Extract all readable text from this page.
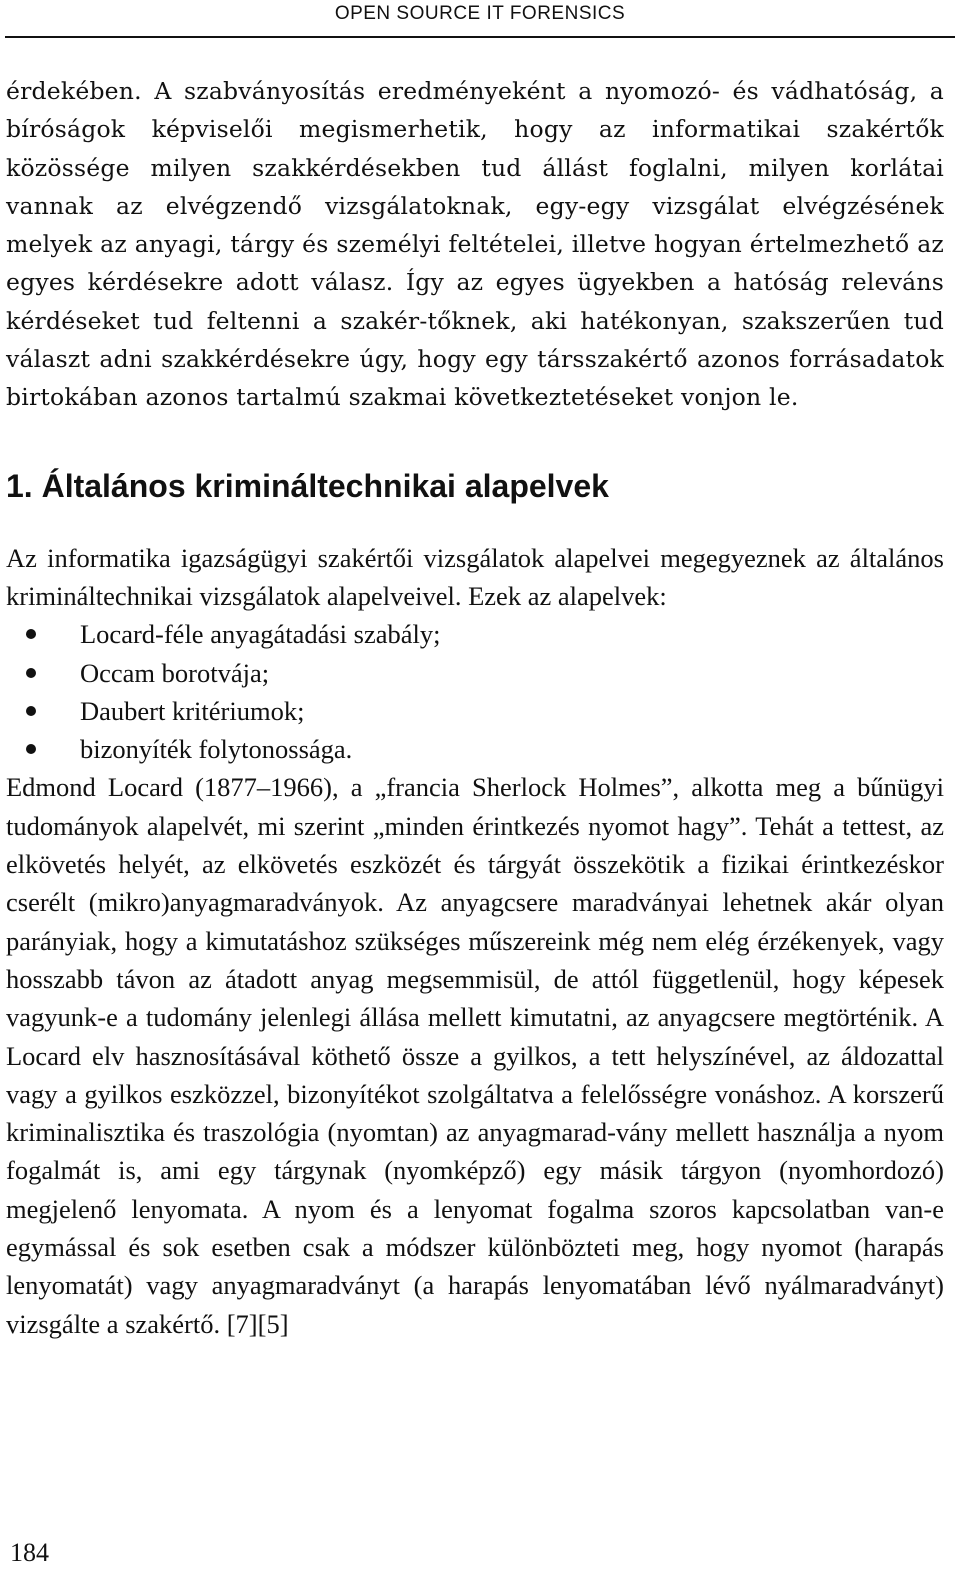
OPEN SOURCE IT FORENSICS

érdekében. A szabványosítás eredményeként a nyomozó- és vádhatóság, a bíróságok képviselői megismerhetik, hogy az informatikai szakértők közössége milyen szakkérdésekben tud állást foglalni, milyen korlátai vannak az elvégzendő vizsgálatoknak, egy-egy vizsgálat elvégzésének melyek az anyagi, tárgy és személyi feltételei, illetve hogyan értelmezhető az egyes kérdésekre adott válasz. Így az egyes ügyekben a hatóság releváns kérdéseket tud feltenni a szakér-tőknek, aki hatékonyan, szakszerűen tud választ adni szakkérdésekre úgy, hogy egy társszakértő azonos forrásadatok birtokában azonos tartalmú szakmai következtetéseket vonjon le.

1. Általános krimináltechnikai alapelvek

Az informatika igazságügyi szakértői vizsgálatok alapelvei megegyeznek az általános krimináltechnikai vizsgálatok alapelveivel. Ezek az alapelvek:

Locard-féle anyagátadási szabály;
Occam borotvája;
Daubert kritériumok;
bizonyíték folytonossága.

Edmond Locard (1877–1966), a „francia Sherlock Holmes”, alkotta meg a bűnügyi tudományok alapelvét, mi szerint „minden érintkezés nyomot hagy”. Tehát a tettest, az elkövetés helyét, az elkövetés eszközét és tárgyát összekötik a fizikai érintkezéskor cserélt (mikro)anyagmaradványok. Az anyagcsere maradványai lehetnek akár olyan parányiak, hogy a kimutatáshoz szükséges műszereink még nem elég érzékenyek, vagy hosszabb távon az átadott anyag megsemmisül, de attól függetlenül, hogy képesek vagyunk-e a tudomány jelenlegi állása mellett kimutatni, az anyagcsere megtörténik. A Locard elv hasznosításával köthető össze a gyilkos, a tett helyszínével, az áldozattal vagy a gyilkos eszközzel, bizonyítékot szolgáltatva a felelősségre vonáshoz. A korszerű kriminalisztika és traszológia (nyomtan) az anyagmarad-vány mellett használja a nyom fogalmát is, ami egy tárgynak (nyomképző) egy másik tárgyon (nyomhordozó) megjelenő lenyomata. A nyom és a lenyomat fogalma szoros kapcsolatban van-e egymással és sok esetben csak a módszer különbözteti meg, hogy nyomot (harapás lenyomatát) vagy anyagmaradványt (a harapás lenyomatában lévő nyálmaradványt) vizsgálte a szakértő. [7][5]

184
